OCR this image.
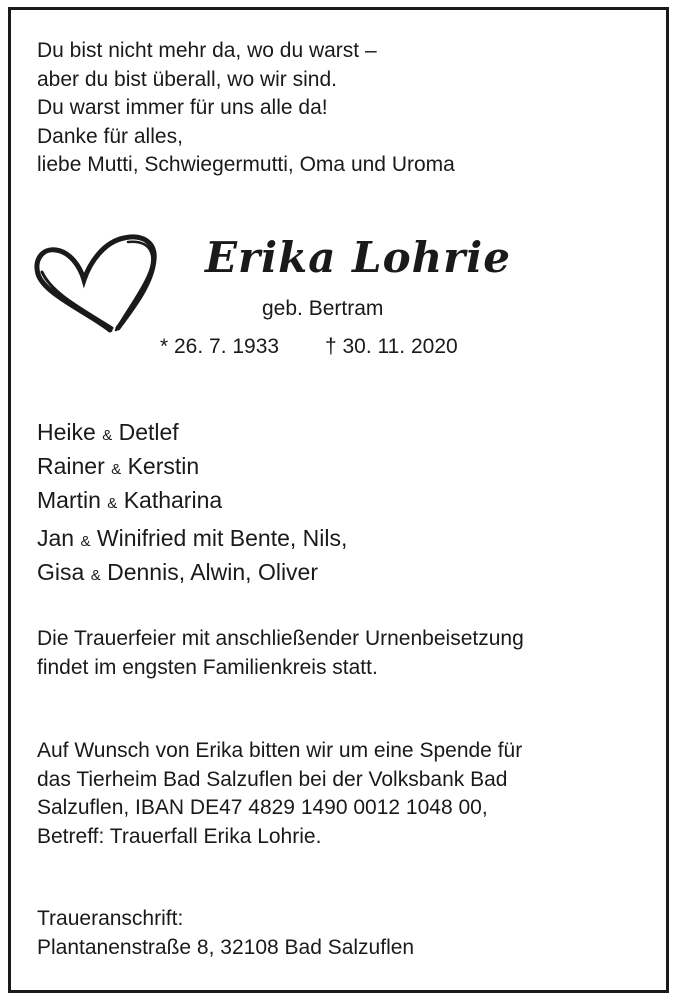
Du bist nicht mehr da, wo du warst –
aber du bist überall, wo wir sind.
Du warst immer für uns alle da!
Danke für alles,
liebe Mutti, Schwiegermutti, Oma und Uroma
Erika Lohrie
geb. Bertram
* 26. 7. 1933 † 30. 11. 2020
Heike & Detlef
Rainer & Kerstin
Martin & Katharina
Jan & Winifried mit Bente, Nils,
Gisa & Dennis, Alwin, Oliver
Die Trauerfeier mit anschließender Urnenbeisetzung
findet im engsten Familienkreis statt.
Auf Wunsch von Erika bitten wir um eine Spende für
das Tierheim Bad Salzuflen bei der Volksbank Bad
Salzuflen, IBAN DE47 4829 1490 0012 1048 00,
Betreff: Trauerfall Erika Lohrie.
Traueranschrift:
Plantanenstraße 8, 32108 Bad Salzuflen
